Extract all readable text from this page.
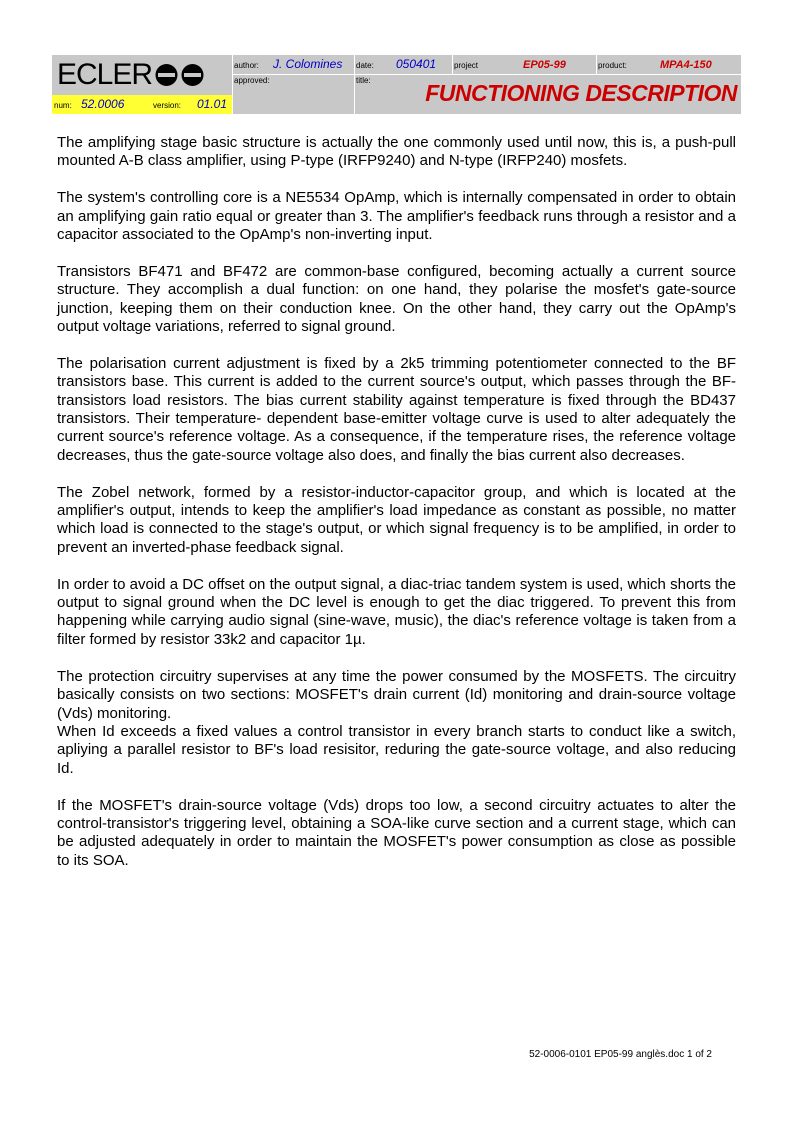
ECLER
num: 52.0006	version: 01.01
author: J. Colomines date: 050401 project	EP05-99	product:	MPA4-150
approved:	title:	FUNCTIONING DESCRIPTION

The amplifying stage basic structure is actually the one commonly used until now, this is, a push-pull mounted A-B class amplifier, using P-type (IRFP9240) and N-type (IRFP240) mosfets.

The system's controlling core is a NE5534 OpAmp, which is internally compensated in order to obtain an amplifying gain ratio equal or greater than 3. The amplifier's feedback runs through a resistor and a capacitor associated to the OpAmp's non-inverting input.

Transistors BF471 and BF472 are common-base configured, becoming actually a current source structure. They accomplish a dual function: on one hand, they polarise the mosfet's gate-source junction, keeping them on their conduction knee. On the other hand, they carry out the OpAmp's output voltage variations, referred to signal ground.

The polarisation current adjustment is fixed by a 2k5 trimming potentiometer connected to the BF transistors base. This current is added to the current source's output, which passes through the BF-transistors load resistors. The bias current stability against temperature is fixed through the BD437 transistors. Their temperature- dependent base-emitter voltage curve is used to alter adequately the current source's reference voltage. As a consequence, if the temperature rises, the reference voltage decreases, thus the gate-source voltage also does, and finally the bias current also decreases.

The Zobel network, formed by a resistor-inductor-capacitor group, and which is located at the amplifier's output, intends to keep the amplifier's load impedance as constant as possible, no matter which load is connected to the stage's output, or which signal frequency is to be amplified, in order to prevent an inverted-phase feedback signal.

In order to avoid a DC offset on the output signal, a diac-triac tandem system is used, which shorts the output to signal ground when the DC level is enough to get the diac triggered. To prevent this from happening while carrying audio signal (sine-wave, music), the diac's reference voltage is taken from a filter formed by resistor 33k2 and capacitor 1µ.

The protection circuitry supervises at any time the power consumed by the MOSFETS. The circuitry basically consists on two sections: MOSFET's drain current (Id) monitoring and drain-source voltage (Vds) monitoring.

When Id exceeds a fixed values a control transistor in every branch starts to conduct like a switch, apliying a parallel resistor to BF's load resisitor, reduring the gate-source voltage, and also reducing Id.

If the MOSFET's drain-source voltage (Vds) drops too low, a second circuitry actuates to alter the control-transistor's triggering level, obtaining a SOA-like curve section and a current stage, which can be adjusted adequately in order to maintain the MOSFET's power consumption as close as possible to its SOA.

52-0006-0101 EP05-99 anglès.doc 1 of 2
